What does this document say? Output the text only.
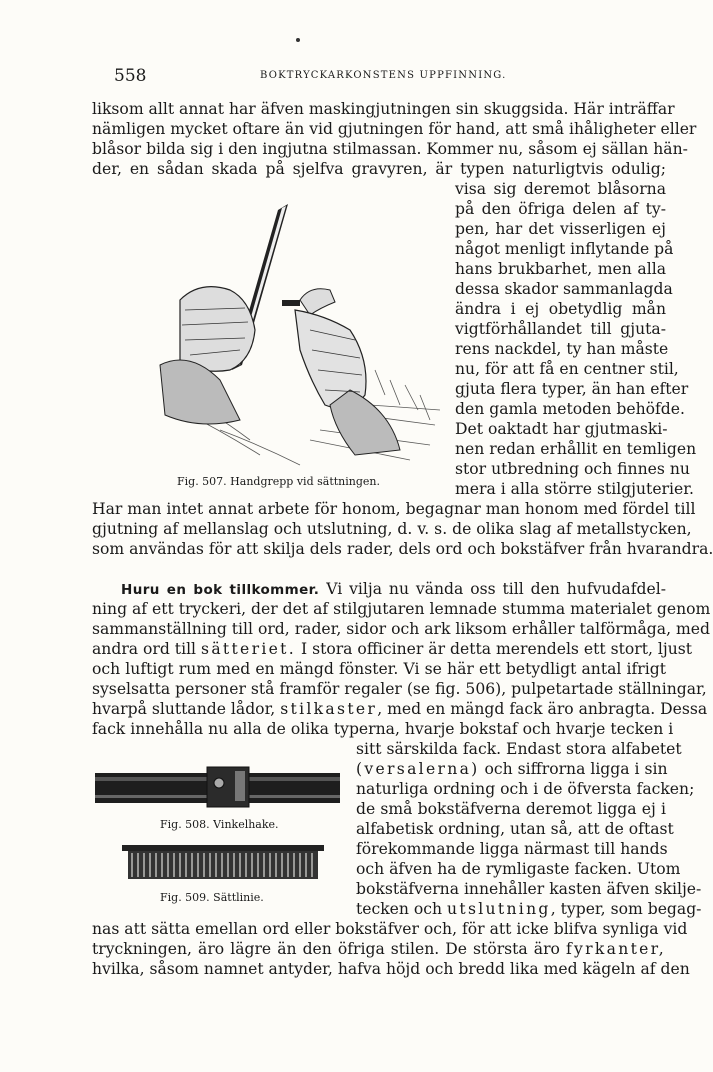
558	BOKTRYCKARKONSTENS UPPFINNING.
liksom allt annat har äfven maskingjutningen sin skuggsida. Här inträffar
nämligen mycket oftare än vid gjutningen för hand, att små ihåligheter eller
blåsor bilda sig i den ingjutna stilmassan. Kommer nu, såsom ej sällan hän-
der, en sådan skada på sjelfva gravyren, är typen naturligtvis odulig;
visa sig deremot blåsorna
på den öfriga delen af ty-
pen, har det visserligen ej
något menligt inflytande på
hans brukbarhet, men alla
dessa skador sammanlagda
ändra i ej obetydlig mån
vigtförhållandet till gjuta-
rens nackdel, ty han måste
nu, för att få en centner stil,
gjuta flera typer, än han efter
den gamla metoden behöfde.
Det oaktadt har gjutmaski-
nen redan erhållit en temligen
stor utbredning och finnes nu
mera i alla större stilgjuterier.
Har man intet annat arbete för honom, begagnar man honom med fördel till
gjutning af mellanslag och utslutning, d. v. s. de olika slag af metallstycken,
som användas för att skilja dels rader, dels ord och bokstäfver från hvarandra.
Fig. 507. Handgrepp vid sättningen.
Huru en bok tillkommer. Vi vilja nu vända oss till den hufvudafdel-
ning af ett tryckeri, der det af stilgjutaren lemnade stumma materialet genom
sammanställning till ord, rader, sidor och ark liksom erhåller talförmåga, med
andra ord till sätteriet. I stora officiner är detta merendels ett stort, ljust
och luftigt rum med en mängd fönster. Vi se här ett betydligt antal ifrigt
syselsatta personer stå framför regaler (se fig. 506), pulpetartade ställningar,
hvarpå sluttande lådor, stilkaster, med en mängd fack äro anbragta. Dessa
fack innehålla nu alla de olika typerna, hvarje bokstaf och hvarje tecken i
sitt särskilda fack. Endast stora alfabetet
(versalerna) och siffrorna ligga i sin
naturliga ordning och i de öfversta facken;
de små bokstäfverna deremot ligga ej i
alfabetisk ordning, utan så, att de oftast
förekommande ligga närmast till hands
och äfven ha de rymligaste facken. Utom
bokstäfverna innehåller kasten äfven skilje-
tecken och utslutning, typer, som begag-
nas att sätta emellan ord eller bokstäfver och, för att icke blifva synliga vid
tryckningen, äro lägre än den öfriga stilen. De största äro fyrkanter,
hvilka, såsom namnet antyder, hafva höjd och bredd lika med kägeln af den
Fig. 508. Vinkelhake.
Fig. 509. Sättlinie.
